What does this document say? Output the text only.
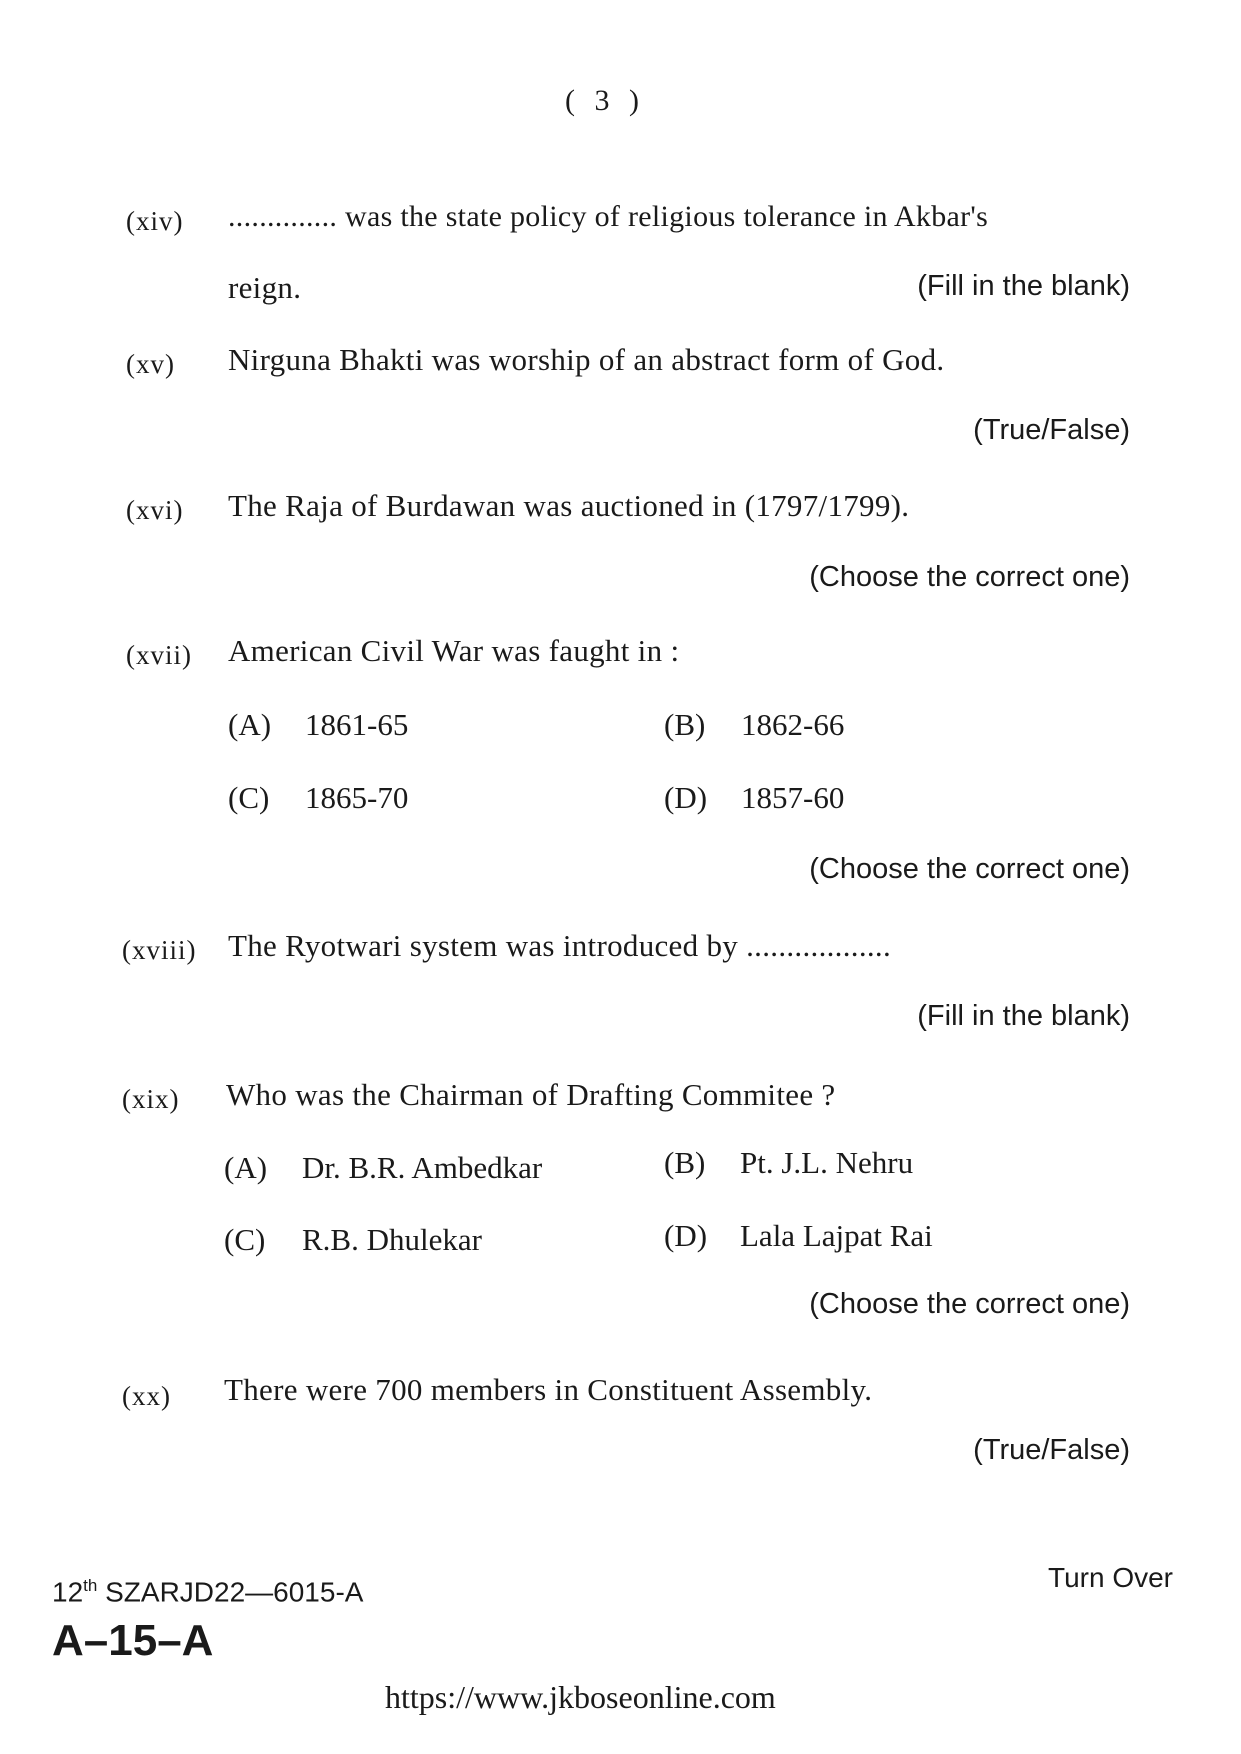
( 3 )
(xiv) .............. was the state policy of religious tolerance in Akbar's
reign.	(Fill in the blank)
(xv) Nirguna Bhakti was worship of an abstract form of God.
(True/False)
(xvi) The Raja of Burdawan was auctioned in (1797/1799).
(Choose the correct one)
(xvii) American Civil War was faught in :
(A) 1861-65	(B) 1862-66
(C) 1865-70	(D) 1857-60
(Choose the correct one)
(xviii) The Ryotwari system was introduced by ..................
(Fill in the blank)
(xix) Who was the Chairman of Drafting Commitee ?
(A) Dr. B.R. Ambedkar	(B) Pt. J.L. Nehru
(C) R.B. Dhulekar	(D) Lala Lajpat Rai
(Choose the correct one)
(xx) There were 700 members in Constituent Assembly.
(True/False)
12th SZARJD22—6015-A
A–15–A
Turn Over
https://www.jkboseonline.com
